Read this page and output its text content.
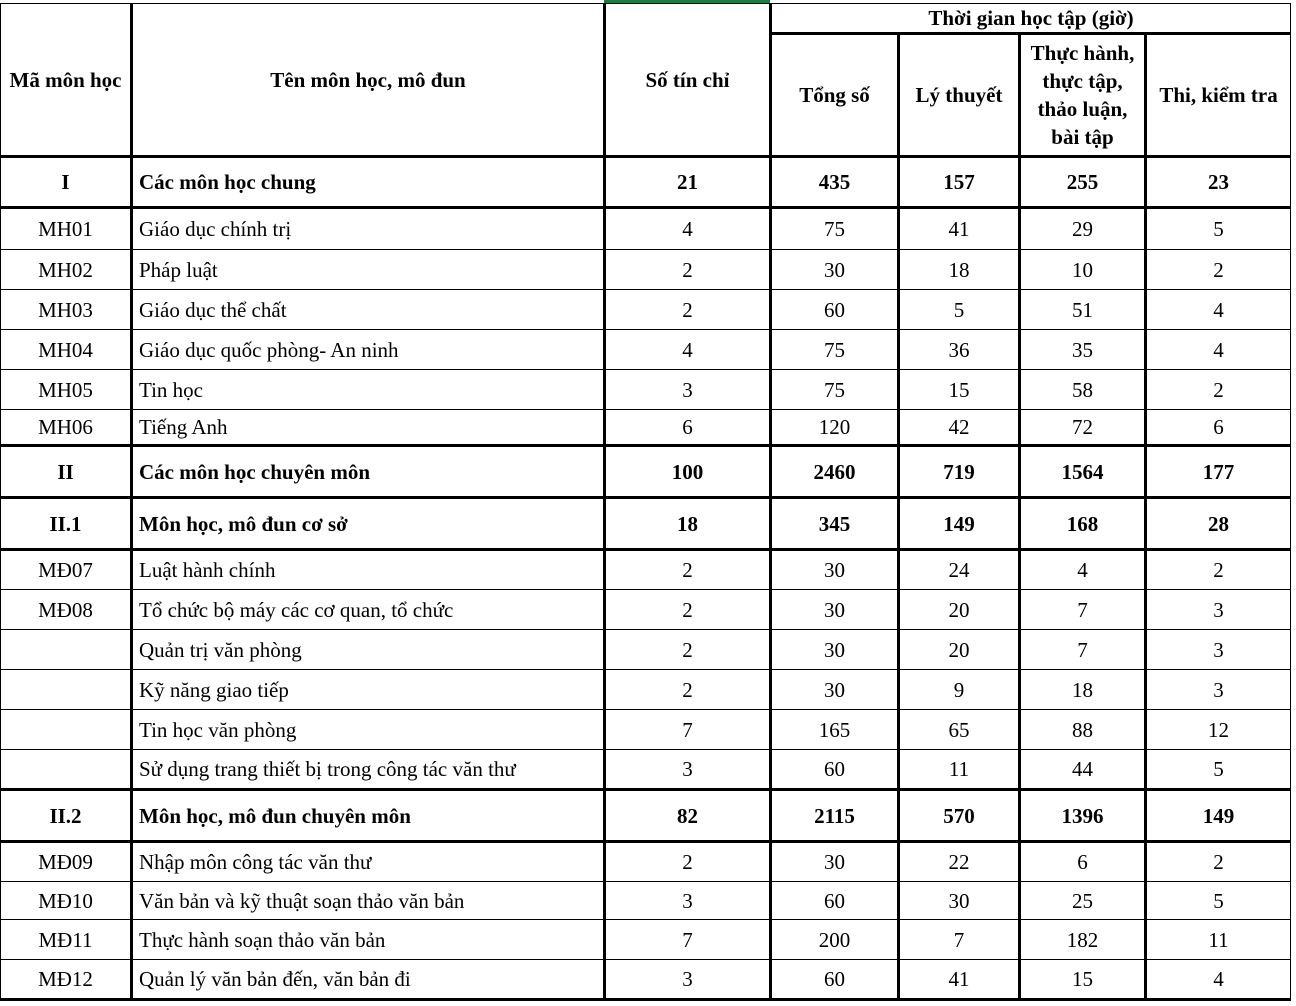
Mã môn học	Tên môn học, mô đun	Số tín chỉ	Thời gian học tập (giờ)			
			Tổng số	Lý thuyết	Thực hành,
thực tập,
thảo luận,
bài tập	Thi, kiểm tra
I	Các môn học chung	21	435	157	255	23
MH01	Giáo dục chính trị	4	75	41	29	5
MH02	Pháp luật	2	30	18	10	2
MH03	Giáo dục thể chất	2	60	5	51	4
MH04	Giáo dục quốc phòng- An ninh	4	75	36	35	4
MH05	Tin học	3	75	15	58	2
MH06	Tiếng Anh	6	120	42	72	6
II	Các môn học chuyên môn	100	2460	719	1564	177
II.1	Môn học, mô đun cơ sở	18	345	149	168	28
MĐ07	Luật hành chính	2	30	24	4	2
MĐ08	Tổ chức bộ máy các cơ quan, tổ chức	2	30	20	7	3
	Quản trị văn phòng	2	30	20	7	3
	Kỹ năng giao tiếp	2	30	9	18	3
	Tin học văn phòng	7	165	65	88	12
	Sử dụng trang thiết bị trong công tác văn thư	3	60	11	44	5
II.2	Môn học, mô đun chuyên môn	82	2115	570	1396	149
MĐ09	Nhập môn công tác văn thư	2	30	22	6	2
MĐ10	Văn bản và kỹ thuật soạn thảo văn bản	3	60	30	25	5
MĐ11	Thực hành soạn thảo văn bản	7	200	7	182	11
MĐ12	Quản lý văn bản đến, văn bản đi	3	60	41	15	4
